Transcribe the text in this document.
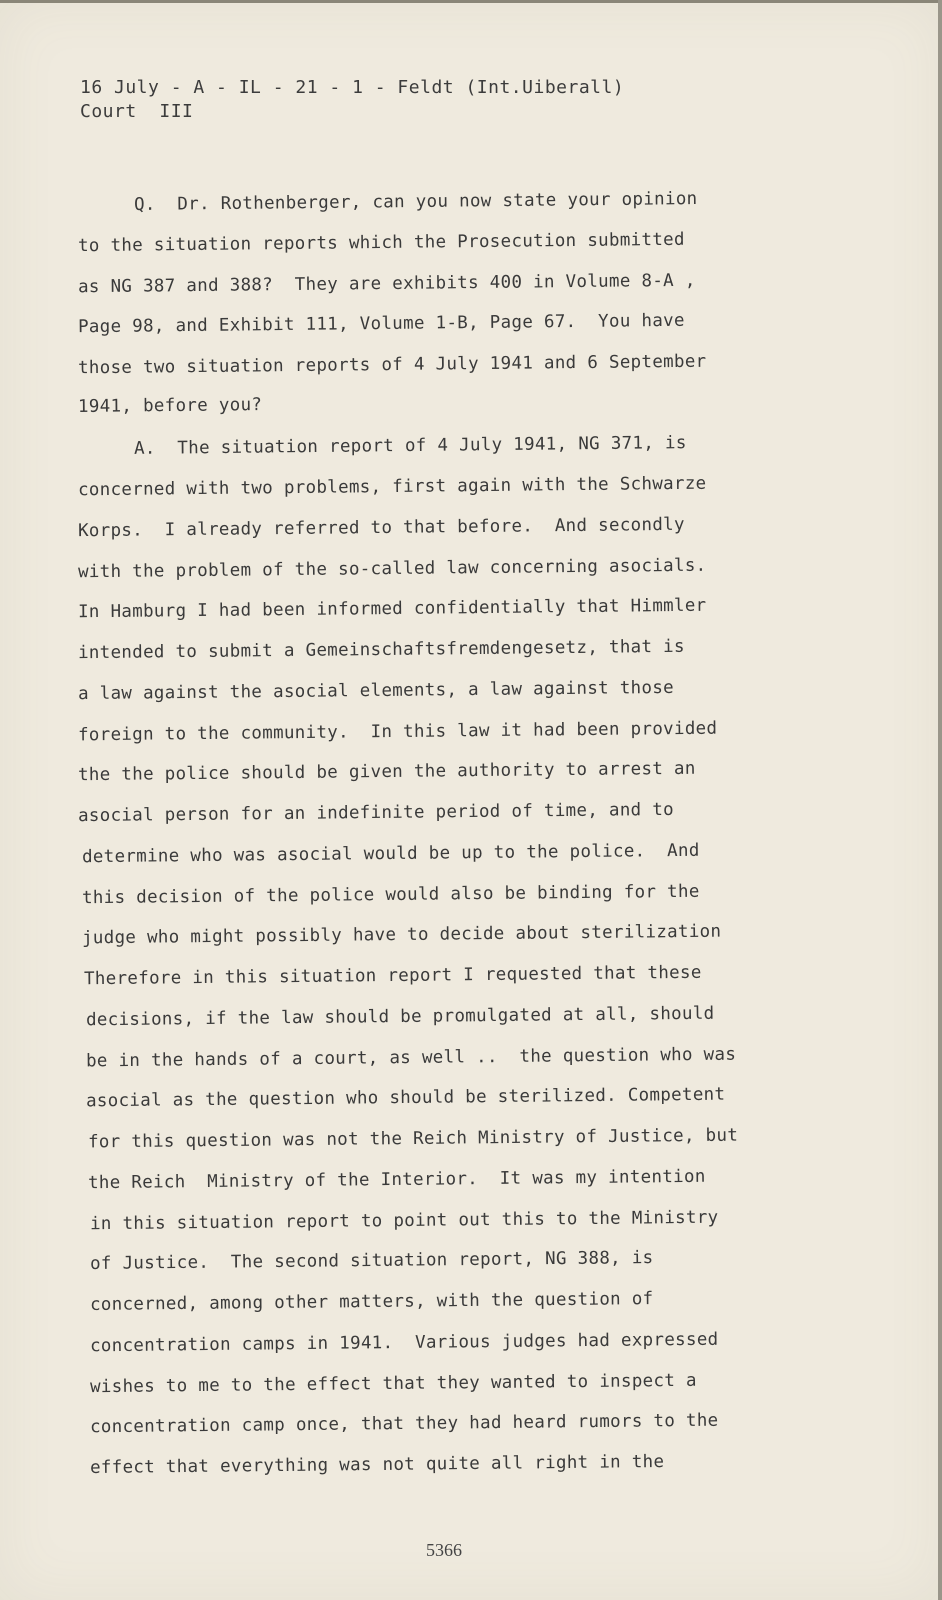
16 July - A - IL - 21 - 1 - Feldt (Int.Uiberall)
Court  III
Q.  Dr. Rothenberger, can you now state your opinion
to the situation reports which the Prosecution submitted
as NG 387 and 388?  They are exhibits 400 in Volume 8-A ,
Page 98, and Exhibit 111, Volume 1-B, Page 67.  You have
those two situation reports of 4 July 1941 and 6 September
1941, before you?
A.  The situation report of 4 July 1941, NG 371, is
concerned with two problems, first again with the Schwarze
Korps.  I already referred to that before.  And secondly
with the problem of the so-called law concerning asocials.
In Hamburg I had been informed confidentially that Himmler
intended to submit a Gemeinschaftsfremdengesetz, that is
a law against the asocial elements, a law against those
foreign to the community.  In this law it had been provided
the the police should be given the authority to arrest an
asocial person for an indefinite period of time, and to
determine who was asocial would be up to the police.  And
this decision of the police would also be binding for the
judge who might possibly have to decide about sterilization
Therefore in this situation report I requested that these
decisions, if the law should be promulgated at all, should
be in the hands of a court, as well ..  the question who was
asocial as the question who should be sterilized. Competent
for this question was not the Reich Ministry of Justice, but
the Reich  Ministry of the Interior.  It was my intention
in this situation report to point out this to the Ministry
of Justice.  The second situation report, NG 388, is
concerned, among other matters, with the question of
concentration camps in 1941.  Various judges had expressed
wishes to me to the effect that they wanted to inspect a
concentration camp once, that they had heard rumors to the
effect that everything was not quite all right in the
5366
